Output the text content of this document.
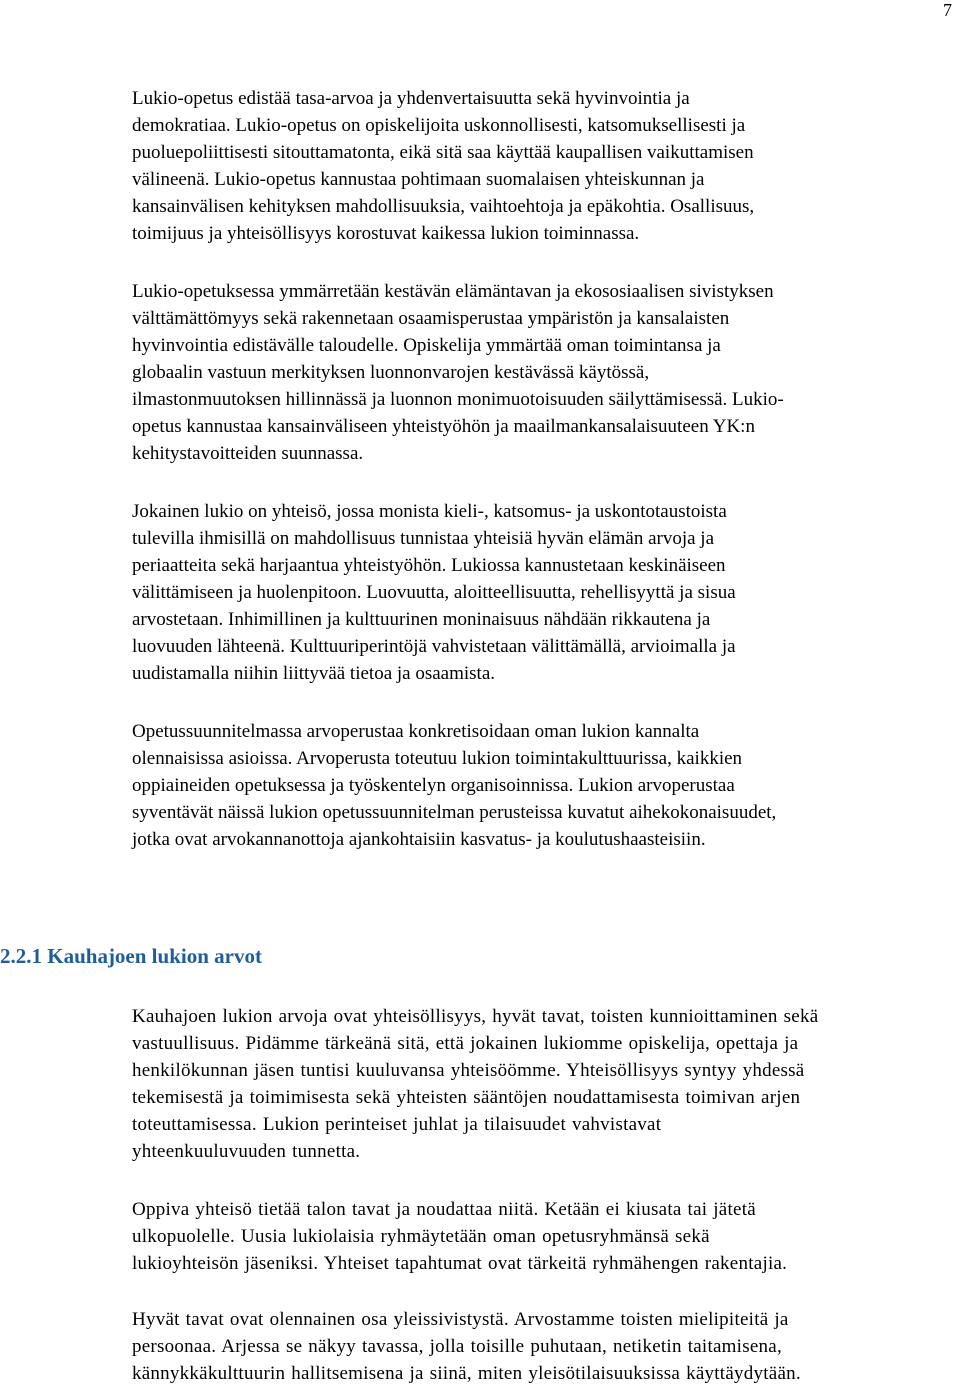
7

Lukio-opetus edistää tasa-arvoa ja yhdenvertaisuutta sekä hyvinvointia ja
demokratiaa. Lukio-opetus on opiskelijoita uskonnollisesti, katsomuksellisesti ja
puoluepoliittisesti sitouttamatonta, eikä sitä saa käyttää kaupallisen vaikuttamisen
välineenä. Lukio-opetus kannustaa pohtimaan suomalaisen yhteiskunnan ja
kansainvälisen kehityksen mahdollisuuksia, vaihtoehtoja ja epäkohtia. Osallisuus,
toimijuus ja yhteisöllisyys korostuvat kaikessa lukion toiminnassa.

Lukio-opetuksessa ymmärretään kestävän elämäntavan ja ekososiaalisen sivistyksen
välttämättömyys sekä rakennetaan osaamisperustaa ympäristön ja kansalaisten
hyvinvointia edistävälle taloudelle. Opiskelija ymmärtää oman toimintansa ja
globaalin vastuun merkityksen luonnonvarojen kestävässä käytössä,
ilmastonmuutoksen hillinnässä ja luonnon monimuotoisuuden säilyttämisessä. Lukio-
opetus kannustaa kansainväliseen yhteistyöhön ja maailmankansalaisuuteen YK:n
kehitystavoitteiden suunnassa.

Jokainen lukio on yhteisö, jossa monista kieli-, katsomus- ja uskontotaustoista
tulevilla ihmisillä on mahdollisuus tunnistaa yhteisiä hyvän elämän arvoja ja
periaatteita sekä harjaantua yhteistyöhön. Lukiossa kannustetaan keskinäiseen
välittämiseen ja huolenpitoon. Luovuutta, aloitteellisuutta, rehellisyyttä ja sisua
arvostetaan. Inhimillinen ja kulttuurinen moninaisuus nähdään rikkautena ja
luovuuden lähteenä. Kulttuuriperintöjä vahvistetaan välittämällä, arvioimalla ja
uudistamalla niihin liittyvää tietoa ja osaamista.

Opetussuunnitelmassa arvoperustaa konkretisoidaan oman lukion kannalta
olennaisissa asioissa. Arvoperusta toteutuu lukion toimintakulttuurissa, kaikkien
oppiaineiden opetuksessa ja työskentelyn organisoinnissa. Lukion arvoperustaa
syventävät näissä lukion opetussuunnitelman perusteissa kuvatut aihekokonaisuudet,
jotka ovat arvokannanottoja ajankohtaisiin kasvatus- ja koulutushaasteisiin.

2.2.1 Kauhajoen lukion arvot

Kauhajoen lukion arvoja ovat yhteisöllisyys, hyvät tavat, toisten kunnioittaminen sekä
vastuullisuus. Pidämme tärkeänä sitä, että jokainen lukiomme opiskelija, opettaja ja
henkilökunnan jäsen tuntisi kuuluvansa yhteisöömme. Yhteisöllisyys syntyy yhdessä
tekemisestä ja toimimisesta sekä yhteisten sääntöjen noudattamisesta toimivan arjen
toteuttamisessa. Lukion perinteiset juhlat ja tilaisuudet vahvistavat
yhteenkuuluvuuden tunnetta.

Oppiva yhteisö tietää talon tavat ja noudattaa niitä. Ketään ei kiusata tai jätetä
ulkopuolelle. Uusia lukiolaisia ryhmäytetään oman opetusryhmänsä sekä
lukioyhteisön jäseniksi. Yhteiset tapahtumat ovat tärkeitä ryhmähengen rakentajia.

Hyvät tavat ovat olennainen osa yleissivistystä. Arvostamme toisten mielipiteitä ja
persoonaa. Arjessa se näkyy tavassa, jolla toisille puhutaan, netiketin taitamisena,
kännykkäkulttuurin hallitsemisena ja siinä, miten yleisötilaisuuksissa käyttäydytään.
